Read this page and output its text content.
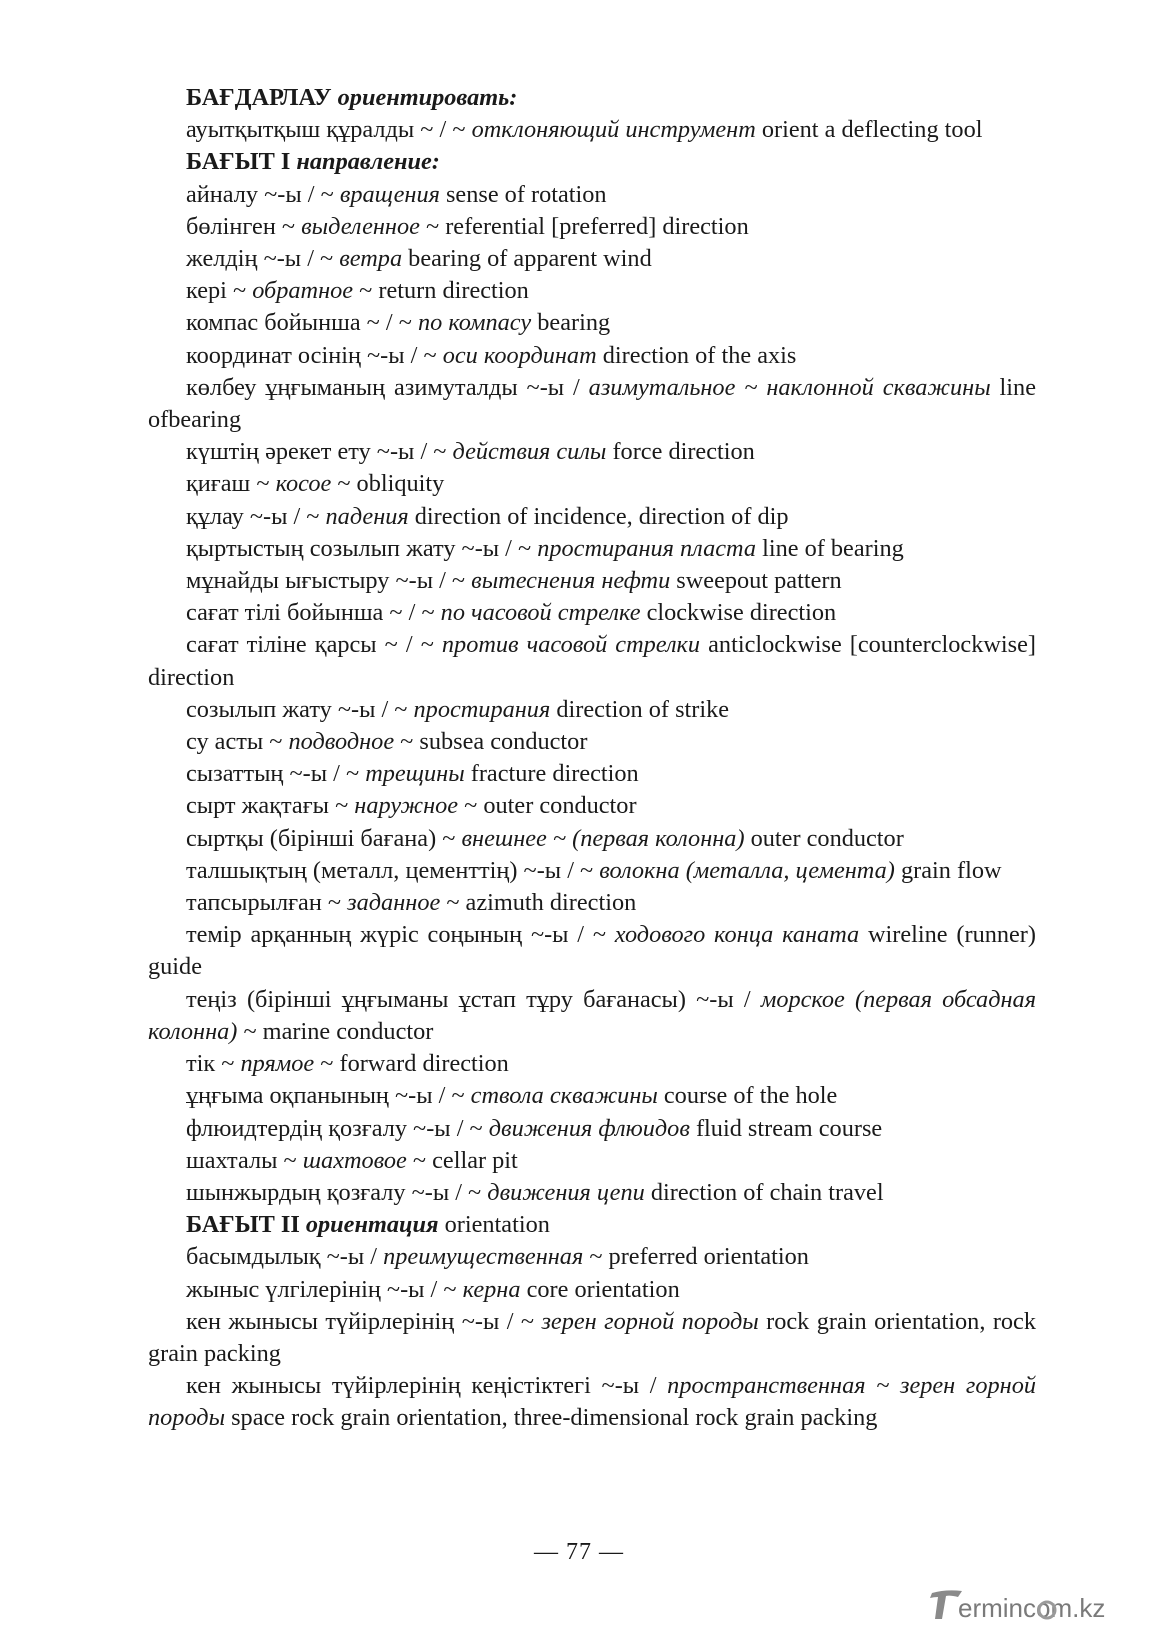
БАҒДАРЛАУ ориентировать:

ауытқытқыш құралды ~ / ~ отклоняющий инструмент orient a deflecting tool

БАҒЫТ I направление:

айналу ~-ы / ~ вращения sense of rotation

бөлінген ~ выделенное ~ referential [preferred] direction

желдің ~-ы / ~ ветра bearing of apparent wind

кері ~ обратное ~ return direction

компас бойынша ~ / ~ по компасу bearing

координат осінің ~-ы / ~ оси координат direction of the axis

көлбеу ұңғыманың азимуталды ~-ы / азимутальное ~ наклонной скважины line ofbearing

күштің әрекет ету ~-ы / ~ действия силы force direction

қиғаш ~ косое ~ obliquity

құлау ~-ы / ~ падения direction of incidence, direction of dip

қыртыстың созылып жату ~-ы / ~ простирания пласта line of bearing

мұнайды ығыстыру ~-ы / ~ вытеснения нефти sweepout pattern

сағат тілі бойынша ~ / ~ по часовой стрелке clockwise direction

сағат тіліне қарсы ~ / ~ против часовой стрелки anticlockwise [counterclockwise] direction

созылып жату ~-ы / ~ простирания direction of strike

су асты ~ подводное ~ subsea conductor

сызаттың ~-ы / ~ трещины fracture direction

сырт жақтағы ~ наружное ~ outer conductor

сыртқы (бірінші бағана) ~ внешнее ~ (первая колонна) outer conductor

талшықтың (металл, цементтің) ~-ы / ~ волокна (металла, цемента) grain flow

тапсырылған ~ заданное ~ azimuth direction

темір арқанның жүріс соңының ~-ы / ~ ходового конца каната wireline (runner) guide

теңіз (бірінші ұңғыманы ұстап тұру бағанасы) ~-ы / морское (первая обсадная колонна) ~ marine conductor

тік ~ прямое ~ forward direction

ұңғыма оқпанының ~-ы / ~ ствола скважины course of the hole

флюидтердің қозғалу ~-ы / ~ движения флюидов fluid stream course

шахталы ~ шахтовое ~ cellar pit

шынжырдың қозғалу ~-ы / ~ движения цепи direction of chain travel

БАҒЫТ II ориентация orientation

басымдылық ~-ы / преимущественная ~ preferred orientation

жыныс үлгілерінің ~-ы / ~ керна core orientation

кен жынысы түйірлерінің ~-ы / ~ зерен горной породы rock grain orientation, rock grain packing

кен жынысы түйірлерінің кеңістіктегі ~-ы / пространственная ~ зерен горной породы space rock grain orientation, three-dimensional rock grain packing

— 77 —
ermincom.kz
